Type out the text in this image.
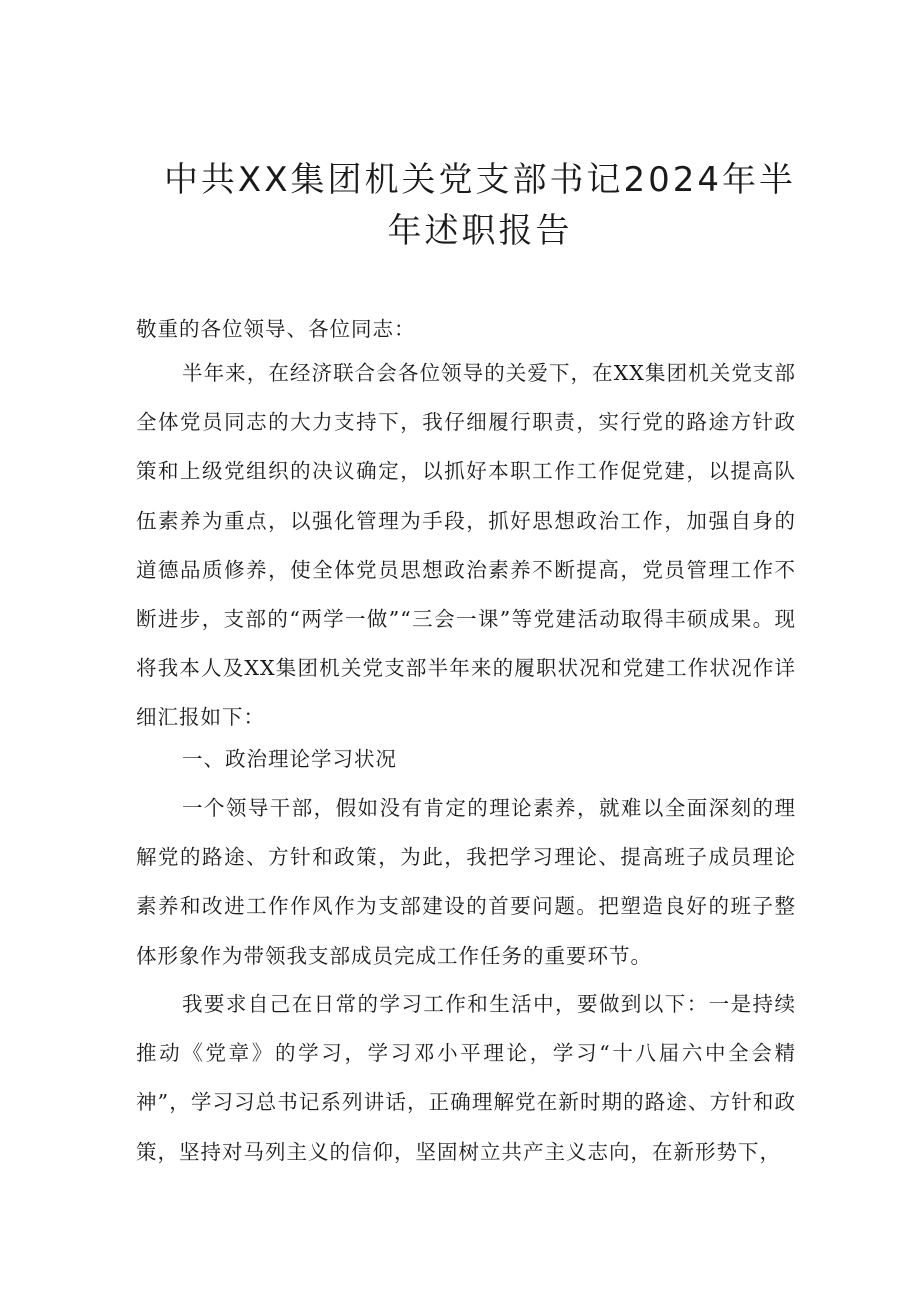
中共XX集团机关党支部书记2024年半
年述职报告
敬重的各位领导、各位同志：
半年来，在经济联合会各位领导的关爱下，在XX集团机关党支部全体党员同志的大力支持下，我仔细履行职责，实行党的路途方针政策和上级党组织的决议确定，以抓好本职工作工作促党建，以提高队伍素养为重点，以强化管理为手段，抓好思想政治工作，加强自身的道德品质修养，使全体党员思想政治素养不断提高，党员管理工作不断进步，支部的“两学一做”“三会一课”等党建活动取得丰硕成果。现将我本人及XX集团机关党支部半年来的履职状况和党建工作状况作详细汇报如下：
一、政治理论学习状况
一个领导干部，假如没有肯定的理论素养，就难以全面深刻的理解党的路途、方针和政策，为此，我把学习理论、提高班子成员理论素养和改进工作作风作为支部建设的首要问题。把塑造良好的班子整体形象作为带领我支部成员完成工作任务的重要环节。
我要求自己在日常的学习工作和生活中，要做到以下：一是持续推动《党章》的学习，学习邓小平理论，学习“十八届六中全会精神”，学习习总书记系列讲话，正确理解党在新时期的路途、方针和政策，坚持对马列主义的信仰，坚固树立共产主义志向，在新形势下，
